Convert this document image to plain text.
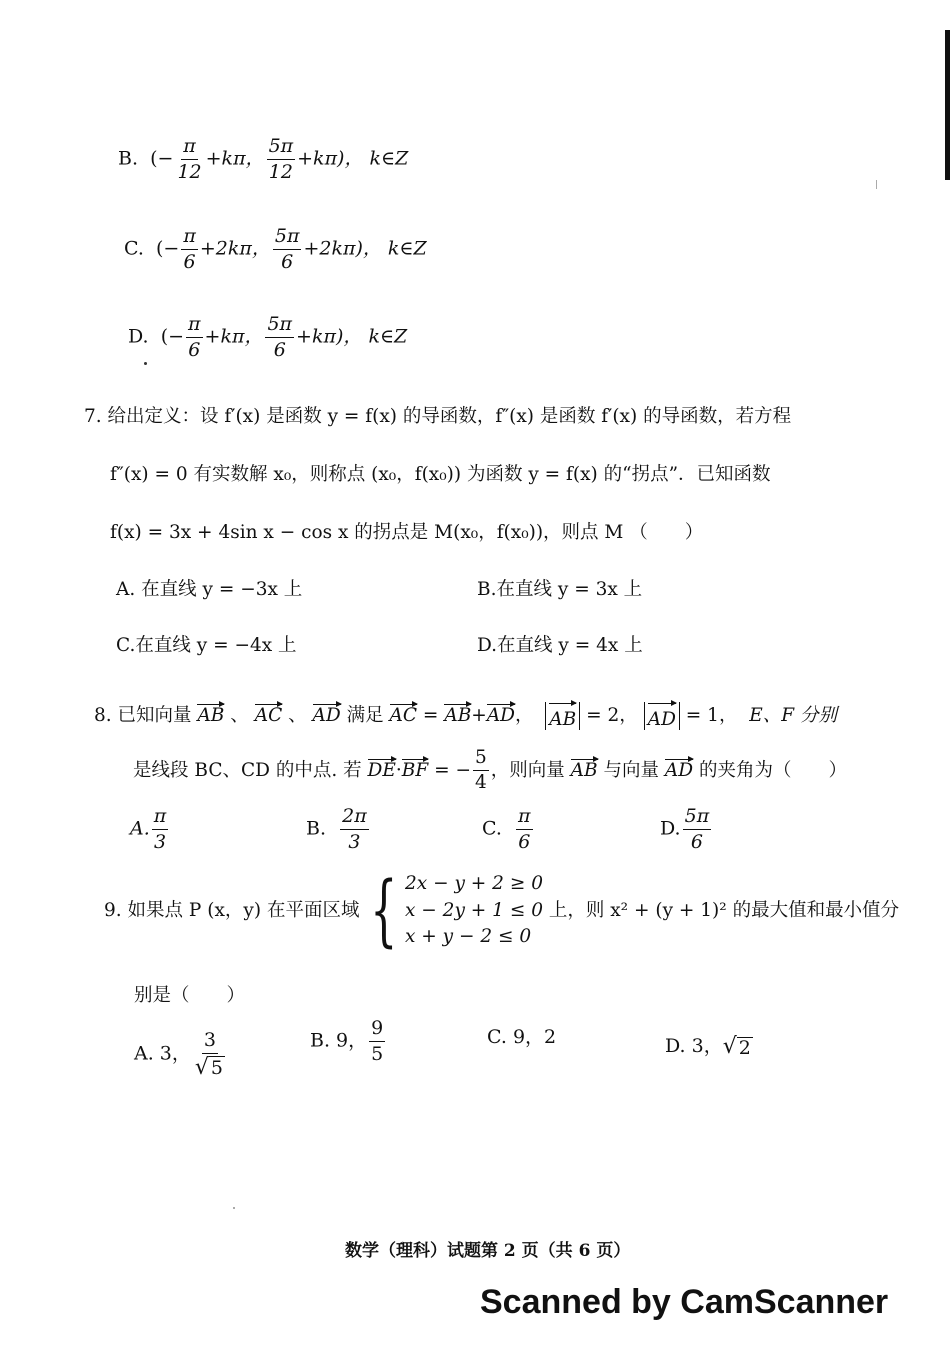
B. (− $\frac{\pi}{12} +k\pi$， $\frac{5\pi}{12} +k\pi$)， k∈Z
C. (− $\frac{\pi}{6} +2k\pi$， $\frac{5\pi}{6} +2k\pi$)， k∈Z
D. (− $\frac{\pi}{6} +k\pi$， $\frac{5\pi}{6} +k\pi$)， k∈Z
7. 给出定义：设 f′(x) 是函数 y = f(x) 的导函数，f″(x) 是函数 f′(x) 的导函数，若方程
f″(x) = 0 有实数解 x₀，则称点 (x₀，f(x₀)) 为函数 y = f(x) 的“拐点”．已知函数
f(x) = 3x + 4sin x − cos x 的拐点是 M(x₀，f(x₀))，则点 M （　　）
A. 在直线 y = −3x 上	B.在直线 y = 3x 上
C.在直线 y = −4x 上	D.在直线 y = 4x 上
8. 已知向量 AB 、 AC 、 AD 满足 AC = AB+AD， AB = 2， AD = 1， E、F 分别
是线段 BC、CD 的中点. 若 DE·BF = − $\frac{5}{4}$ ，则向量 AB 与向量 AD 的夹角为（　　）
A. $\frac{\pi}{3}$	B. $\frac{2\pi}{3}$	C. $\frac{\pi}{6}$	D. $\frac{5\pi}{6}$
9. 如果点 P (x，y) 在平面区域 { 2x − y + 2 ≥ 0
x − 2y + 1 ≤ 0
x + y − 2 ≤ 0
上，则 x² + (y + 1)² 的最大值和最小值分
别是（　　）
A. 3， $\frac{3}{√ 5}$	B. 9， $\frac{9}{5}$	C. 9，2	D. 3， √ 2
数学（理科）试题第 2 页（共 6 页）
Scanned by CamScanner
